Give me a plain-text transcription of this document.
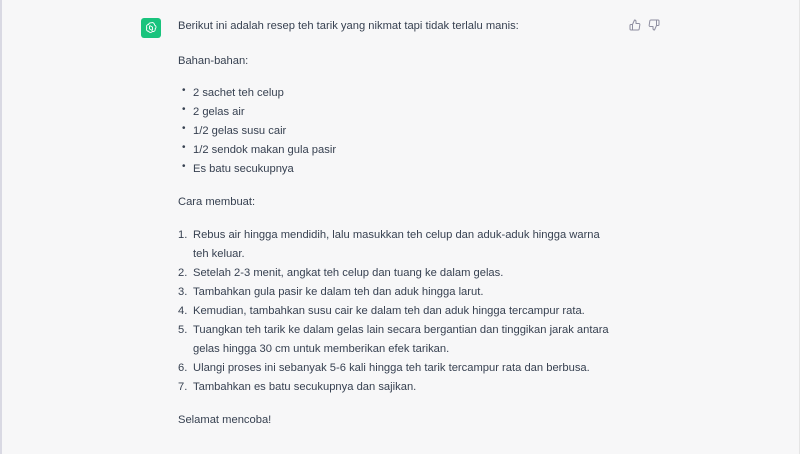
Berikut ini adalah resep teh tarik yang nikmat tapi tidak terlalu manis:

Bahan-bahan:

• 2 sachet teh celup
• 2 gelas air
• 1/2 gelas susu cair
• 1/2 sendok makan gula pasir
• Es batu secukupnya

Cara membuat:

1. Rebus air hingga mendidih, lalu masukkan teh celup dan aduk-aduk hingga warna teh keluar.
2. Setelah 2-3 menit, angkat teh celup dan tuang ke dalam gelas.
3. Tambahkan gula pasir ke dalam teh dan aduk hingga larut.
4. Kemudian, tambahkan susu cair ke dalam teh dan aduk hingga tercampur rata.
5. Tuangkan teh tarik ke dalam gelas lain secara bergantian dan tinggikan jarak antara gelas hingga 30 cm untuk memberikan efek tarikan.
6. Ulangi proses ini sebanyak 5-6 kali hingga teh tarik tercampur rata dan berbusa.
7. Tambahkan es batu secukupnya dan sajikan.

Selamat mencoba!
